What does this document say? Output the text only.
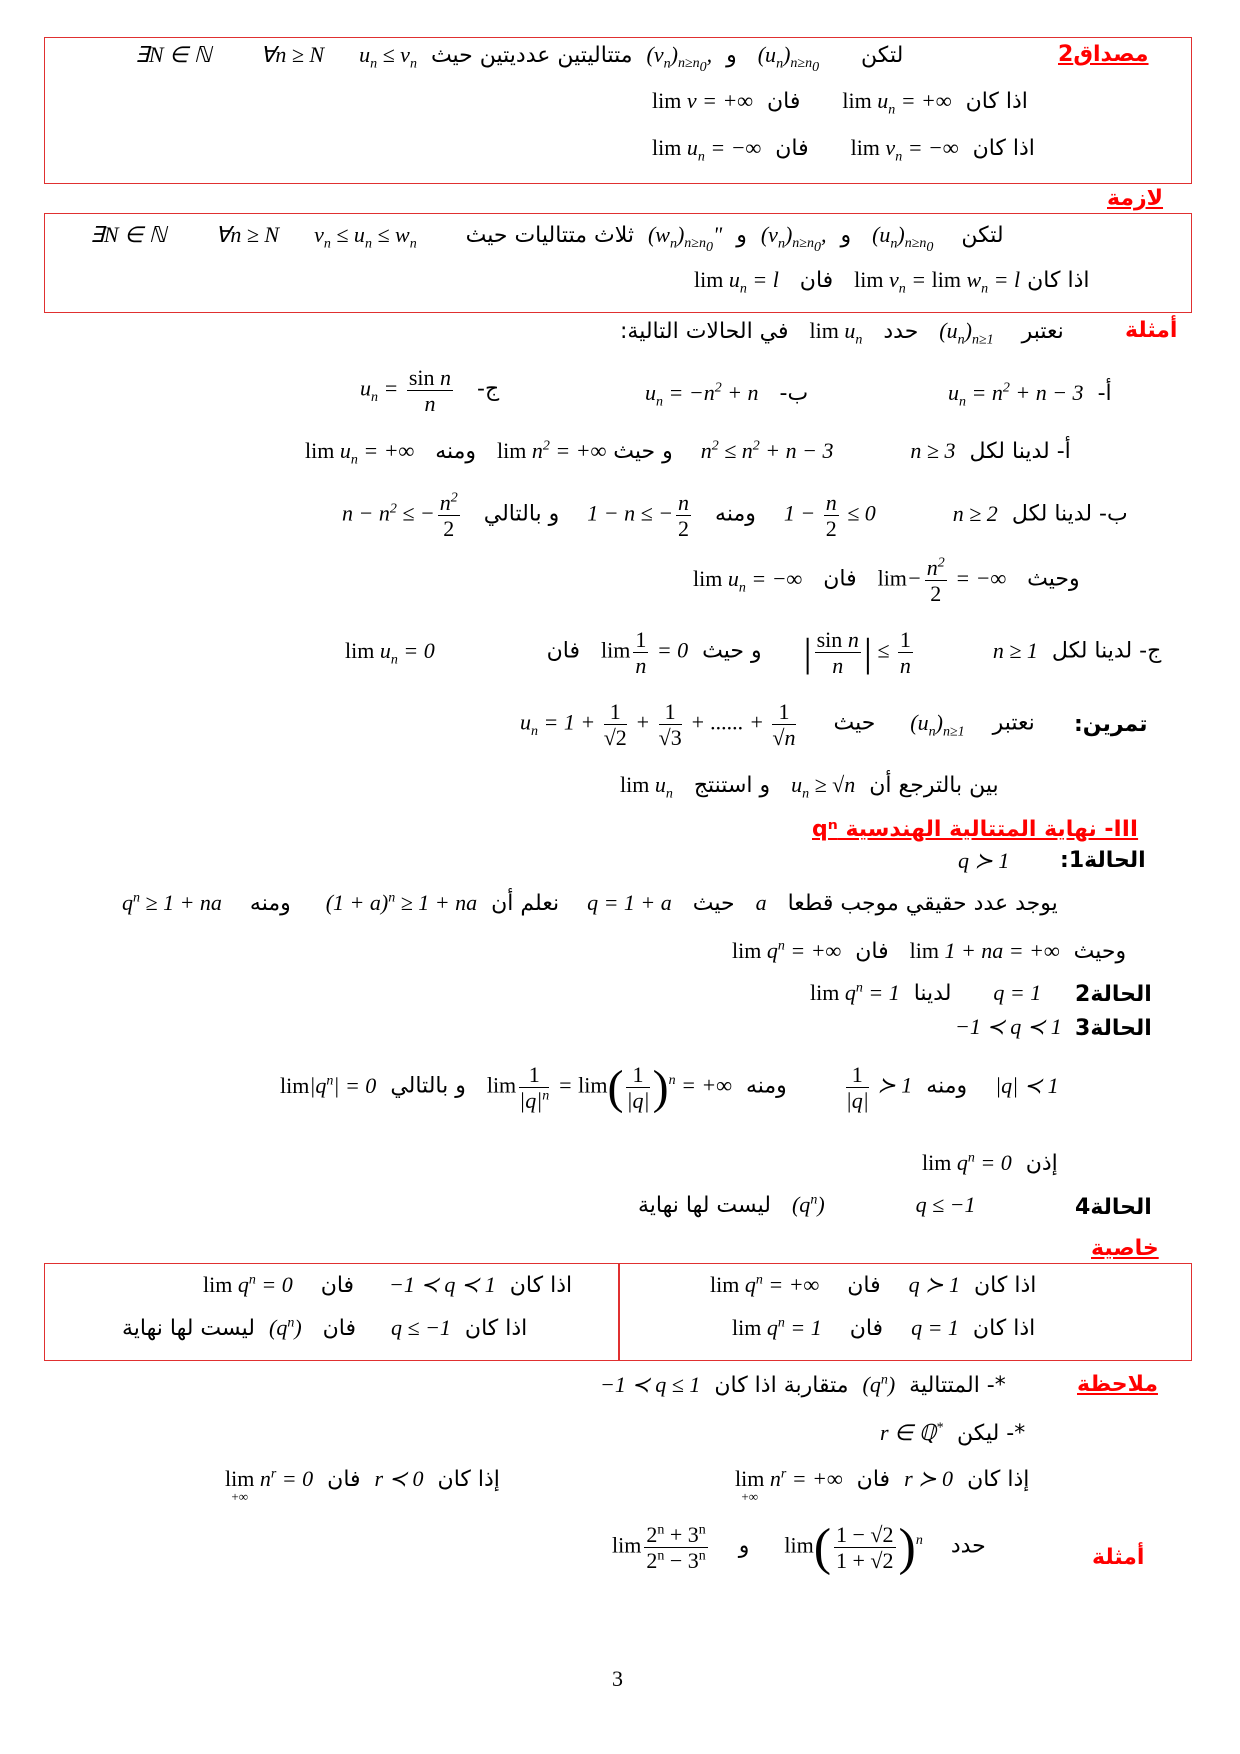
مصداق2
لتكن      $(u_n)_{n\ge n_0}$   و  $(v_n)_{n\ge n_0}$,  متتاليتين عدديتين حيث  $u_n \le v_n$     ∀n ≥ N       ∃N ∈ ℕ
اذا كان  $\lim u_n$ = +∞      فان  lim v = +∞
اذا كان  $\lim v_n$ = −∞      فان  $\lim u_n$ = −∞
لازمة
لتكن    $(u_n)_{n\ge n_0}$   و  $(v_n)_{n\ge n_0}$,  و  $(w_n)_{n\ge n_0}$"  ثلاث متتاليات حيث       $v_n \le u_n \le w_n$     ∀n ≥ N       ∃N ∈ ℕ
اذا كان $\lim v_n = \lim w_n = l$   فان   $\lim u_n = l$
أمثلة
نعتبر    $(u_n)_{n\ge 1}$   حدد   $\lim u_n$   في الحالات التالية:
أ-  $u_n = n^2 + n - 3$
ب-   $u_n = -n^2 + n$
ج-   $u_n = \frac{\text{sin n}}{n}$
أ- لدينا لكل  n ≥ 3           $n^2 \le n^2 + n - 3$    و حيث $\lim n^2$ = +∞   ومنه   $\lim u_n$ = +∞
ب- لدينا لكل  n ≥ 2           $1 - \frac{n}{2} \le 0$    ومنه   1 − n ≤ − $\frac{n}{2}$
و بالتالي   $n - n^2$ ≤ − $\frac{n^2}{2}$
وحيث   $\lim- \frac{n^2}{2}$ = −∞   فان   $\lim u_n$ = −∞
ج- لدينا لكل  n ≥ 1           | $\frac{\text{sin n}}{n}$ | ≤ $\frac{1}{n}$
و حيث  $\lim \frac{1}{n} = 0$   فان                $\lim u_n = 0$
تمرين:
نعتبر    $(u_n)_{n\ge 1}$     حيث     $u_n = 1 + \frac{1}{√2} + \frac{1}{√3}$ + ...... + $\frac{1}{√n}$
بين بالترجع أن  $u_n \ge √n$   و استنتج   $\lim u_n$
III- نهاية المتتالية الهندسية qⁿ
الحالة1:
q ≻ 1
يوجد عدد حقيقي موجب قطعا   a   حيث   q = 1 + a    نعلم أن  $(1 + a)^n \ge 1$ + na     ومنه    $q^n \ge 1$ + na
وحيث  lim 1 + na = +∞   فان  $\lim q^n$ = +∞
الحالة2
q = 1      لدينا  $\lim q^n = 1$
الحالة3
−1 ≺ q ≺ 1
|q| ≺ 1    ومنه
$\frac{1}{|q|}$ ≻ 1        ومنه  $\lim \frac{1}{|q|^n} = \lim( \frac{1}{|q|} )^n$ = +∞   و بالتالي  $\lim|q^n| = 0$
إذن  $\lim q^n = 0$
الحالة4
q ≤ −1             $(q^n)$   ليست لها نهاية
خاصية
اذا كان  q ≻ 1    فان    $\lim q^n$ = +∞
اذا كان  q = 1    فان    $\lim q^n = 1$
اذا كان  −1 ≺ q ≺ 1     فان    $\lim q^n = 0$
اذا كان  q ≤ −1     فان   $(q^n)$  ليست لها نهاية
ملاحظة
*- المتتالية  $(q^n)$  متقاربة اذا كان  −1 ≺ q ≤ 1
*- ليكن  r ∈ ℚ*
إذا كان  r ≻ 0  فان
lim
+∞
$n^r$ = +∞
إذا كان  r ≺ 0  فان
lim
+∞
$n^r = 0$
أمثلة
حدد    $\lim( \frac{1 - √2}{1 + √2} )^n$     و    $\lim \frac{2^n + 3^n}{2^n - 3^n}$
3
